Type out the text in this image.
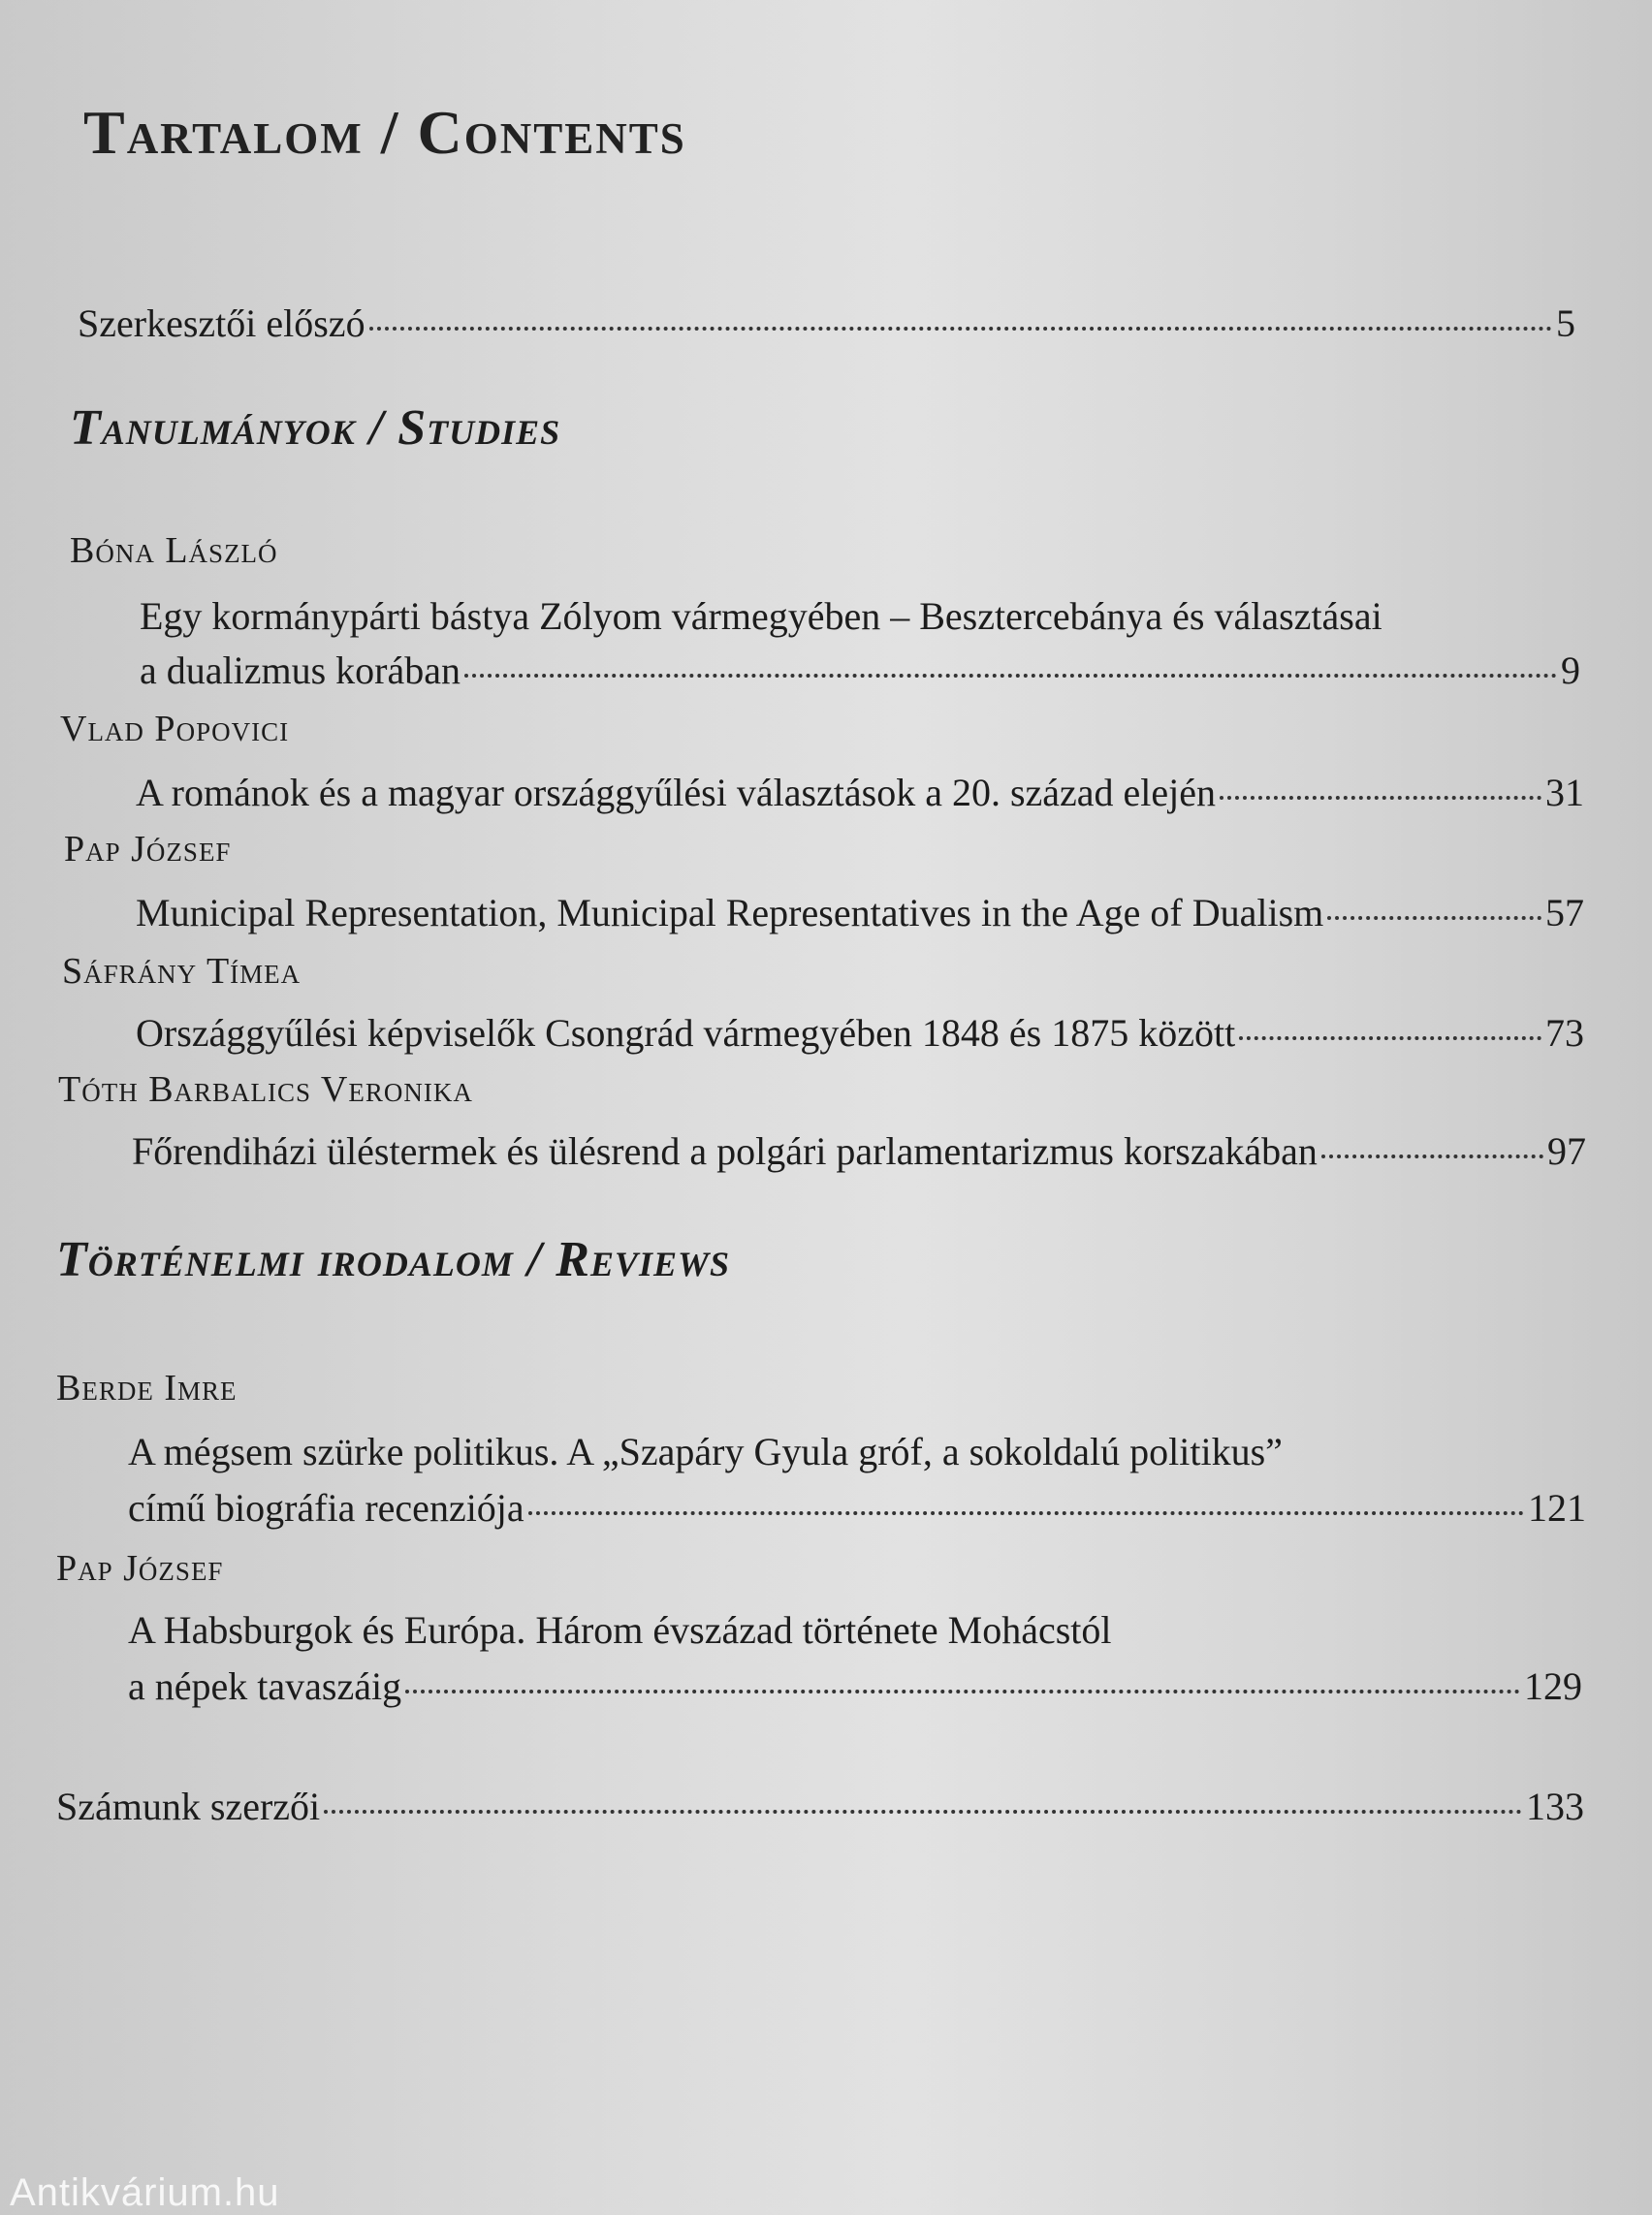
Tartalom / Contents
Szerkesztői előszó	5
Tanulmányok / Studies
Bóna László
Egy kormánypárti bástya Zólyom vármegyében – Besztercebánya és választásai
a dualizmus korában	9
Vlad Popovici
A románok és a magyar országgyűlési választások a 20. század elején	31
Pap József
Municipal Representation, Municipal Representatives in the Age of Dualism	57
Sáfrány Tímea
Országgyűlési képviselők Csongrád vármegyében 1848 és 1875 között	73
Tóth Barbalics Veronika
Főrendiházi üléstermek és ülésrend a polgári parlamentarizmus korszakában	97
Történelmi irodalom / Reviews
Berde Imre
A mégsem szürke politikus. A „Szapáry Gyula gróf, a sokoldalú politikus”
című biográfia recenziója	121
Pap József
A Habsburgok és Európa. Három évszázad története Mohácstól
a népek tavaszáig	129
Számunk szerzői	133
Antikvárium.hu
